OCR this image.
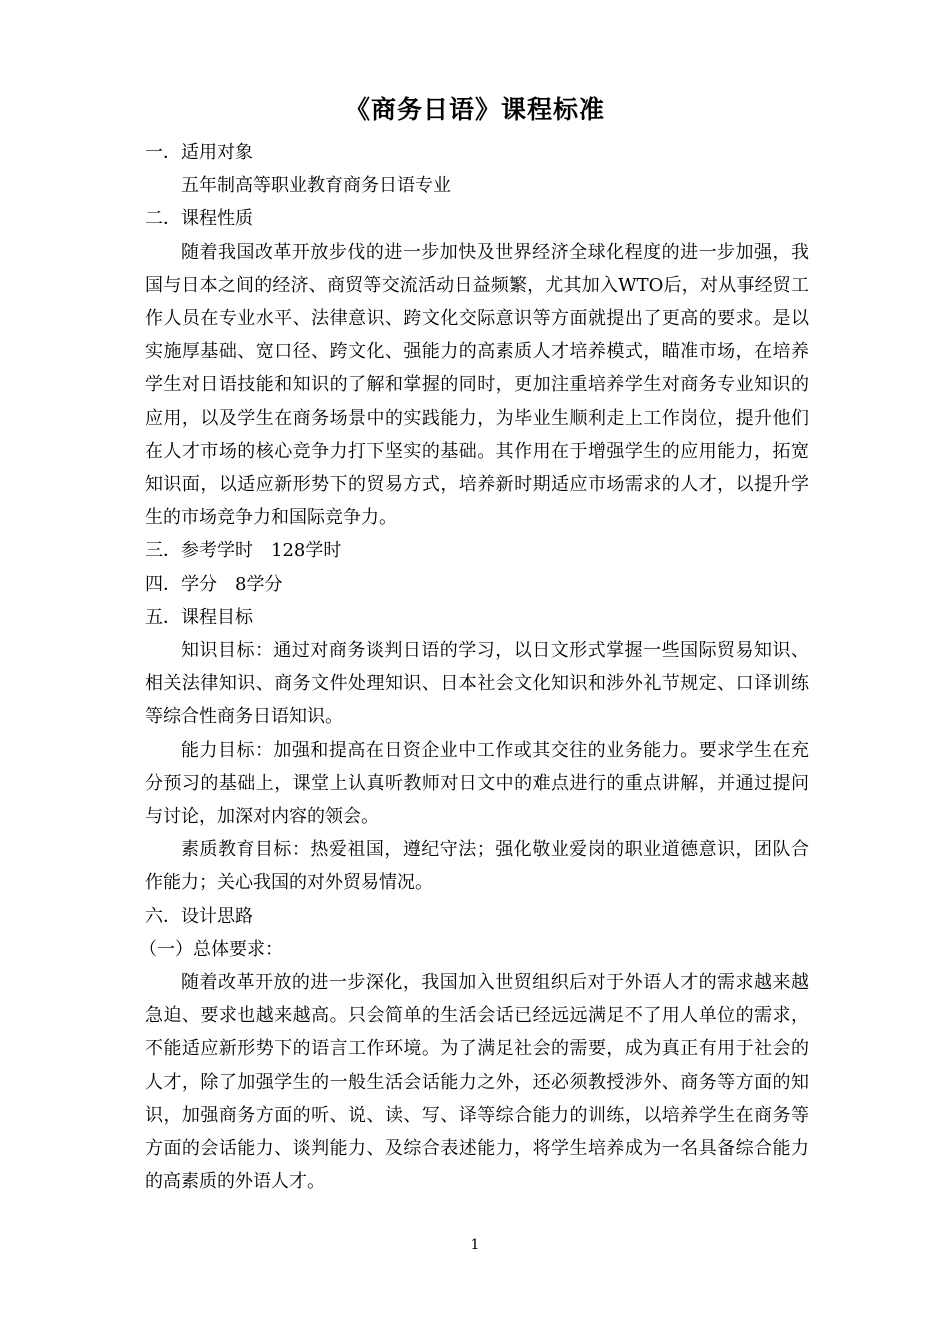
《商务日语》课程标准

一．适用对象

五年制高等职业教育商务日语专业

二．课程性质

随着我国改革开放步伐的进一步加快及世界经济全球化程度的进一步加强，我国与日本之间的经济、商贸等交流活动日益频繁，尤其加入WTO后，对从事经贸工作人员在专业水平、法律意识、跨文化交际意识等方面就提出了更高的要求。是以实施厚基础、宽口径、跨文化、强能力的高素质人才培养模式，瞄准市场，在培养学生对日语技能和知识的了解和掌握的同时，更加注重培养学生对商务专业知识的应用，以及学生在商务场景中的实践能力，为毕业生顺利走上工作岗位，提升他们在人才市场的核心竞争力打下坚实的基础。其作用在于增强学生的应用能力，拓宽知识面，以适应新形势下的贸易方式，培养新时期适应市场需求的人才，以提升学生的市场竞争力和国际竞争力。

三．参考学时　128学时

四．学分　8学分

五．课程目标

知识目标：通过对商务谈判日语的学习，以日文形式掌握一些国际贸易知识、相关法律知识、商务文件处理知识、日本社会文化知识和涉外礼节规定、口译训练等综合性商务日语知识。

能力目标：加强和提高在日资企业中工作或其交往的业务能力。要求学生在充分预习的基础上，课堂上认真听教师对日文中的难点进行的重点讲解，并通过提问与讨论，加深对内容的领会。

素质教育目标：热爱祖国，遵纪守法；强化敬业爱岗的职业道德意识，团队合作能力；关心我国的对外贸易情况。

六．设计思路

（一）总体要求：

随着改革开放的进一步深化，我国加入世贸组织后对于外语人才的需求越来越急迫、要求也越来越高。只会简单的生活会话已经远远满足不了用人单位的需求，不能适应新形势下的语言工作环境。为了满足社会的需要，成为真正有用于社会的人才，除了加强学生的一般生活会话能力之外，还必须教授涉外、商务等方面的知识，加强商务方面的听、说、读、写、译等综合能力的训练，以培养学生在商务等方面的会话能力、谈判能力、及综合表述能力，将学生培养成为一名具备综合能力的高素质的外语人才。

1
